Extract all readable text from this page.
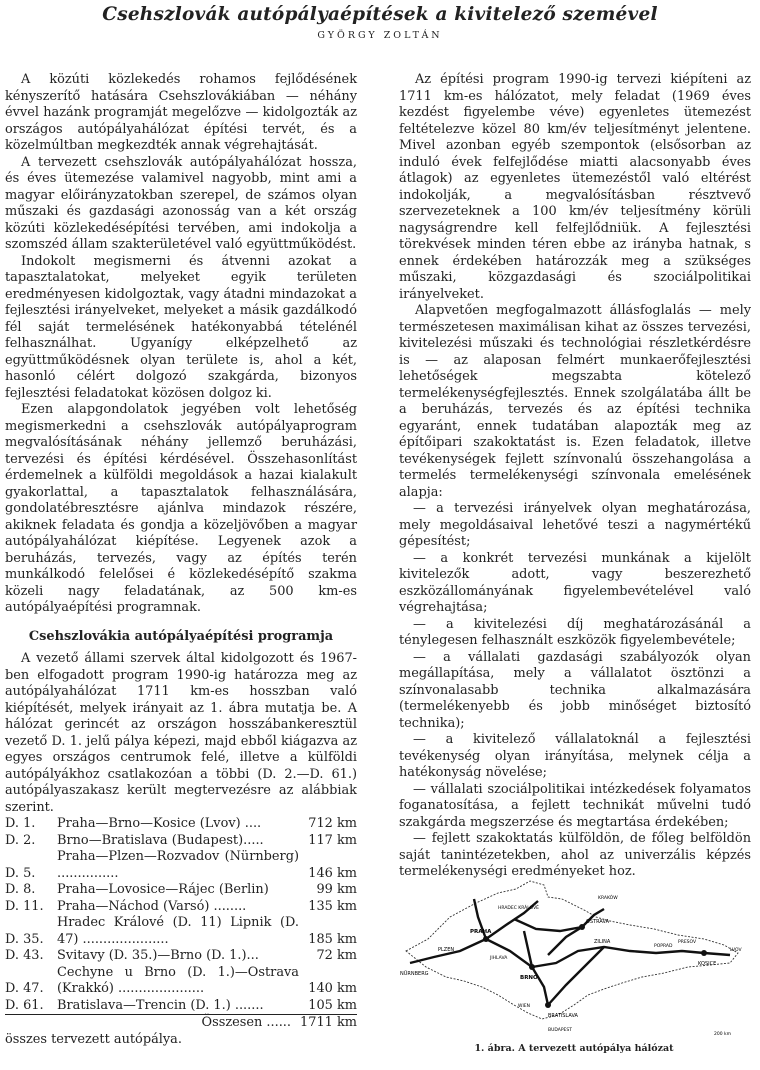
Csehszlovák autópályaépítések a kivitelező szemével
GYÖRGY ZOLTÁN

A közúti közlekedés rohamos fejlődésének kényszerítő hatására Csehszlovákiában — néhány évvel hazánk programját megelőzve — kidolgozták az országos autópályahálózat építési tervét, és a közelmúltban megkezdték annak végrehajtását.

A tervezett csehszlovák autópályahálózat hossza, és éves ütemezése valamivel nagyobb, mint ami a magyar előirányzatokban szerepel, de számos olyan műszaki és gazdasági azonosság van a két ország közúti közlekedésépítési tervében, ami indokolja a szomszéd állam szakterületével való együttműködést.

Indokolt megismerni és átvenni azokat a tapasztalatokat, melyeket egyik területen eredményesen kidolgoztak, vagy átadni mindazokat a fejlesztési irányelveket, melyeket a másik gazdálkodó fél saját termelésének hatékonyabbá tételénél felhasználhat. Ugyanígy elképzelhető az együttműködésnek olyan területe is, ahol a két, hasonló célért dolgozó szakgárda, bizonyos fejlesztési feladatokat közösen dolgoz ki.

Ezen alapgondolatok jegyében volt lehetőség megismerkedni a csehszlovák autópályaprogram megvalósításának néhány jellemző beruházási, tervezési és építési kérdésével. Összehasonlítást érdemelnek a külföldi megoldások a hazai kialakult gyakorlattal, a tapasztalatok felhasználására, gondolatébresztésre ajánlva mindazok részére, akiknek feladata és gondja a közeljövőben a magyar autópályahálózat kiépítése. Legyenek azok a beruházás, tervezés, vagy az építés terén munkálkodó felelősei é közlekedésépítő szakma közeli nagy feladatának, az 500 km-es autópályaépítési programnak.

Csehszlovákia autópályaépítési programja

A vezető állami szervek által kidolgozott és 1967-ben elfogadott program 1990-ig határozza meg az autópályahálózat 1711 km-es hosszban való kiépítését, melyek irányait az 1. ábra mutatja be. A hálózat gerincét az országon hosszábankeresztül vezető D. 1. jelű pálya képezi, majd ebből kiágazva az egyes országos centrumok felé, illetve a külföldi autópályákhoz csatlakozóan a többi (D. 2.—D. 61.) autópályaszakasz került megtervezésre az alábbiak szerint.

D. 1.	Praha—Brno—Kosice (Lvov) ....	712 km
D. 2.	Brno—Bratislava (Budapest).....	117 km
D. 5.	Praha—Plzen—Rozvadov (Nürnberg) ...............	146 km
D. 8.	Praha—Lovosice—Rájec (Berlin)	99 km
D. 11.	Praha—Náchod (Varsó) ........	135 km
D. 35.	Hradec Králové (D. 11) Lipnik (D. 47) .....................	185 km
D. 43.	Svitavy (D. 35.)—Brno (D. 1.)...	72 km
D. 47.	Cechyne u Brno (D. 1.)—Ostrava (Krakkó) .....................	140 km
D. 61.	Bratislava—Trencin (D. 1.) .......	105 km
	Összesen ......	1711 km

összes tervezett autópálya.

Az építési program 1990-ig tervezi kiépíteni az 1711 km-es hálózatot, mely feladat (1969 éves kezdést figyelembe véve) egyenletes ütemezést feltételezve közel 80 km/év teljesítményt jelentene. Mivel azonban egyéb szempontok (elsősorban az induló évek felfejlődése miatti alacsonyabb éves átlagok) az egyenletes ütemezéstől való eltérést indokolják, a megvalósításban résztvevő szervezeteknek a 100 km/év teljesítmény körüli nagyságrendre kell felfejlődniük. A fejlesztési törekvések minden téren ebbe az irányba hatnak, s ennek érdekében határozzák meg a szükséges műszaki, közgazdasági és szociálpolitikai irányelveket.

Alapvetően megfogalmazott állásfoglalás — mely természetesen maximálisan kihat az összes tervezési, kivitelezési műszaki és technológiai részletkérdésre is — az alaposan felmért munkaerőfejlesztési lehetőségek megszabta kötelező termelékenységfejlesztés. Ennek szolgálatába állt be a beruházás, tervezés és az építési technika egyaránt, ennek tudatában alapozták meg az építőipari szakoktatást is. Ezen feladatok, illetve tevékenységek fejlett színvonalú összehangolása a termelés termelékenységi színvonala emelésének alapja:

— a tervezési irányelvek olyan meghatározása, mely megoldásaival lehetővé teszi a nagymértékű gépesítést;

— a konkrét tervezési munkának a kijelölt kivitelezők adott, vagy beszerezhető eszközállományának figyelembevételével való végrehajtása;

— a kivitelezési díj meghatározásánál a ténylegesen felhasznált eszközök figyelembevétele;

— a vállalati gazdasági szabályozók olyan megállapítása, mely a vállalatot ösztönzi a színvonalasabb technika alkalmazására (termelékenyebb és jobb minőséget biztosító technika);

— a kivitelező vállalatoknál a fejlesztési tevékenység olyan irányítása, melynek célja a hatékonyság növelése;

— vállalati szociálpolitikai intézkedések folyamatos foganatosítása, a fejlett technikát művelni tudó szakgárda megszerzése és megtartása érdekében;

— fejlett szakoktatás külföldön, de főleg belföldön saját tanintézetekben, ahol az univerzális képzés termelékenységi eredményeket hoz.

NÜRNBERG
PLZEN
PRAHA
HRADEC KRÁLOVÉ
JIHLAVA
BRNO
OSTRAVA
KRAKÓW
ZILINA
POPRAD
PRESOV
KOSICE
LVOV
WIEN
BRATISLAVA
BUDAPEST
200 km
1. ábra. A tervezett autópálya hálózat
